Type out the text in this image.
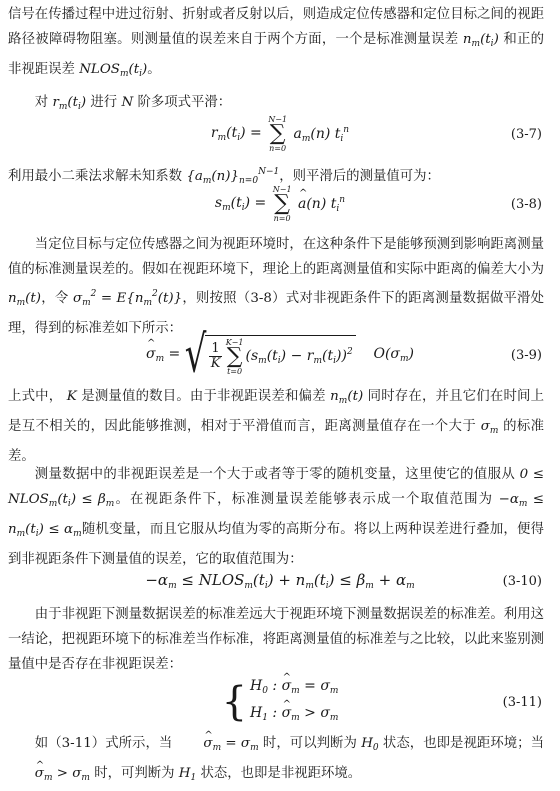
信号在传播过程中进过衍射、折射或者反射以后，则造成定位传感器和定位目标之间的视距路径被障碍物阻塞。则测量值的误差来自于两个方面，一个是标准测量误差 $n_m(t_i)$ 和正的非视距误差 $NLOS_m(t_i)$。
对 $r_m(t_i)$ 进行 N 阶多项式平滑：
$r_m(t_i)$ =
N−1
∑
n=0
$a_m(n)$ $t_i^n$	(3-7)
利用最小二乘法求解未知系数 $\{a_m(n)\}_{n=0}^{N-1}$，则平滑后的测量值可为：
$s_m(t_i)$ =
N−1
∑
n=0
^ a(n) $t_i^n$	(3-8)
当定位目标与定位传感器之间为视距环境时，在这种条件下是能够预测到影响距离测量值的标准测量误差的。假如在视距环境下，理论上的距离测量值和实际中距离的偏差大小为 $n_m(t)$，令 $\sigma_m^2 = E\{n_m^2(t)\}$，则按照（3-8）式对非视距条件下的距离测量数据做平滑处理，得到的标准差如下所示：
^ $\sigma_m$ = √ $\frac{1}{K} K-1$
∑
t=0
$(s_m(t_i) - r_m(t_i))^2$ $O(\sigma_m)$	(3-9)
上式中， K 是测量值的数目。由于非视距误差和偏差 $n_m(t)$ 同时存在，并且它们在时间上是互不相关的，因此能够推测，相对于平滑值而言，距离测量值存在一个大于 $\sigma_m$ 的标准差。
测量数据中的非视距误差是一个大于或者等于零的随机变量，这里使它的值服从 $0 \le NLOS_m(t_i) \le \beta_m$。在视距条件下，标准测量误差能够表示成一个取值范围为 $-\alpha_m \le n_m(t_i) \le \alpha_m$随机变量，而且它服从均值为零的高斯分布。将以上两种误差进行叠加，便得到非视距条件下测量值的误差，它的取值范围为：
$-\alpha_m$ ≤ $NLOS_m(t_i) + n_m(t_i) \le \beta_m + \alpha_m$	(3-10)
由于非视距下测量数据误差的标准差远大于视距环境下测量数据误差的标准差。利用这一结论，把视距环境下的标准差当作标准，将距离测量值的标准差与之比较，以此来鉴别测量值中是否存在非视距误差：
{ $H_0$ : ^ $\sigma_m = \sigma_m$
$H_1$ : ^ $\sigma_m > \sigma_m$
(3-11)
如（3-11）式所示，当 ^ $\sigma_m = \sigma_m$ 时，可以判断为 $H_0$ 状态，也即是视距环境；当 ^ $\sigma_m > \sigma_m$ 时，可判断为 $H_1$ 状态，也即是非视距环境。
